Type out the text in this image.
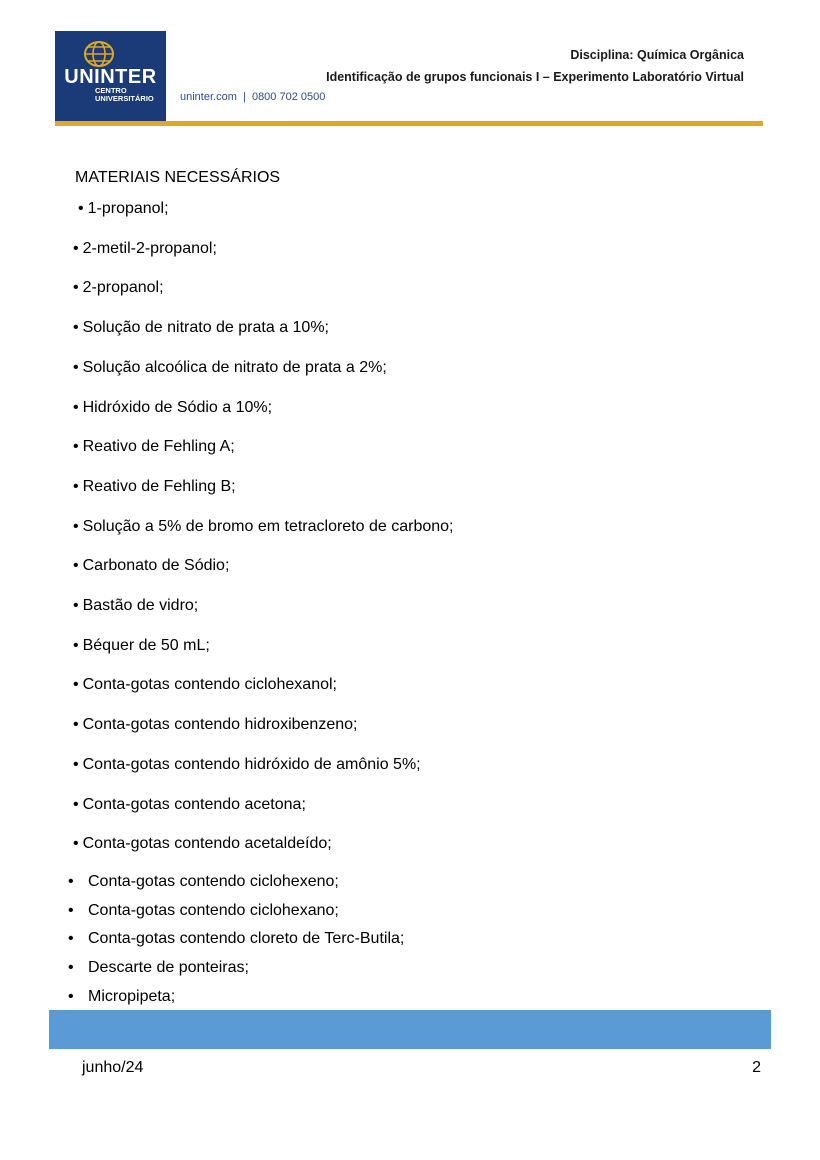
UNINTER
CENTRO
UNIVERSITÁRIO uninter.com  |  0800 702 0500
Disciplina: Química Orgânica
Identificação de grupos funcionais I – Experimento Laboratório Virtual
MATERIAIS NECESSÁRIOS
• 1-propanol;
• 2-metil-2-propanol;
• 2-propanol;
• Solução de nitrato de prata a 10%;
• Solução alcoólica de nitrato de prata a 2%;
• Hidróxido de Sódio a 10%;
• Reativo de Fehling A;
• Reativo de Fehling B;
• Solução a 5% de bromo em tetracloreto de carbono;
• Carbonato de Sódio;
• Bastão de vidro;
• Béquer de 50 mL;
• Conta-gotas contendo ciclohexanol;
• Conta-gotas contendo hidroxibenzeno;
• Conta-gotas contendo hidróxido de amônio 5%;
• Conta-gotas contendo acetona;
• Conta-gotas contendo acetaldeído;
• Conta-gotas contendo ciclohexeno;
• Conta-gotas contendo ciclohexano;
• Conta-gotas contendo cloreto de Terc-Butila;
• Descarte de ponteiras;
• Micropipeta;
junho/24	2
